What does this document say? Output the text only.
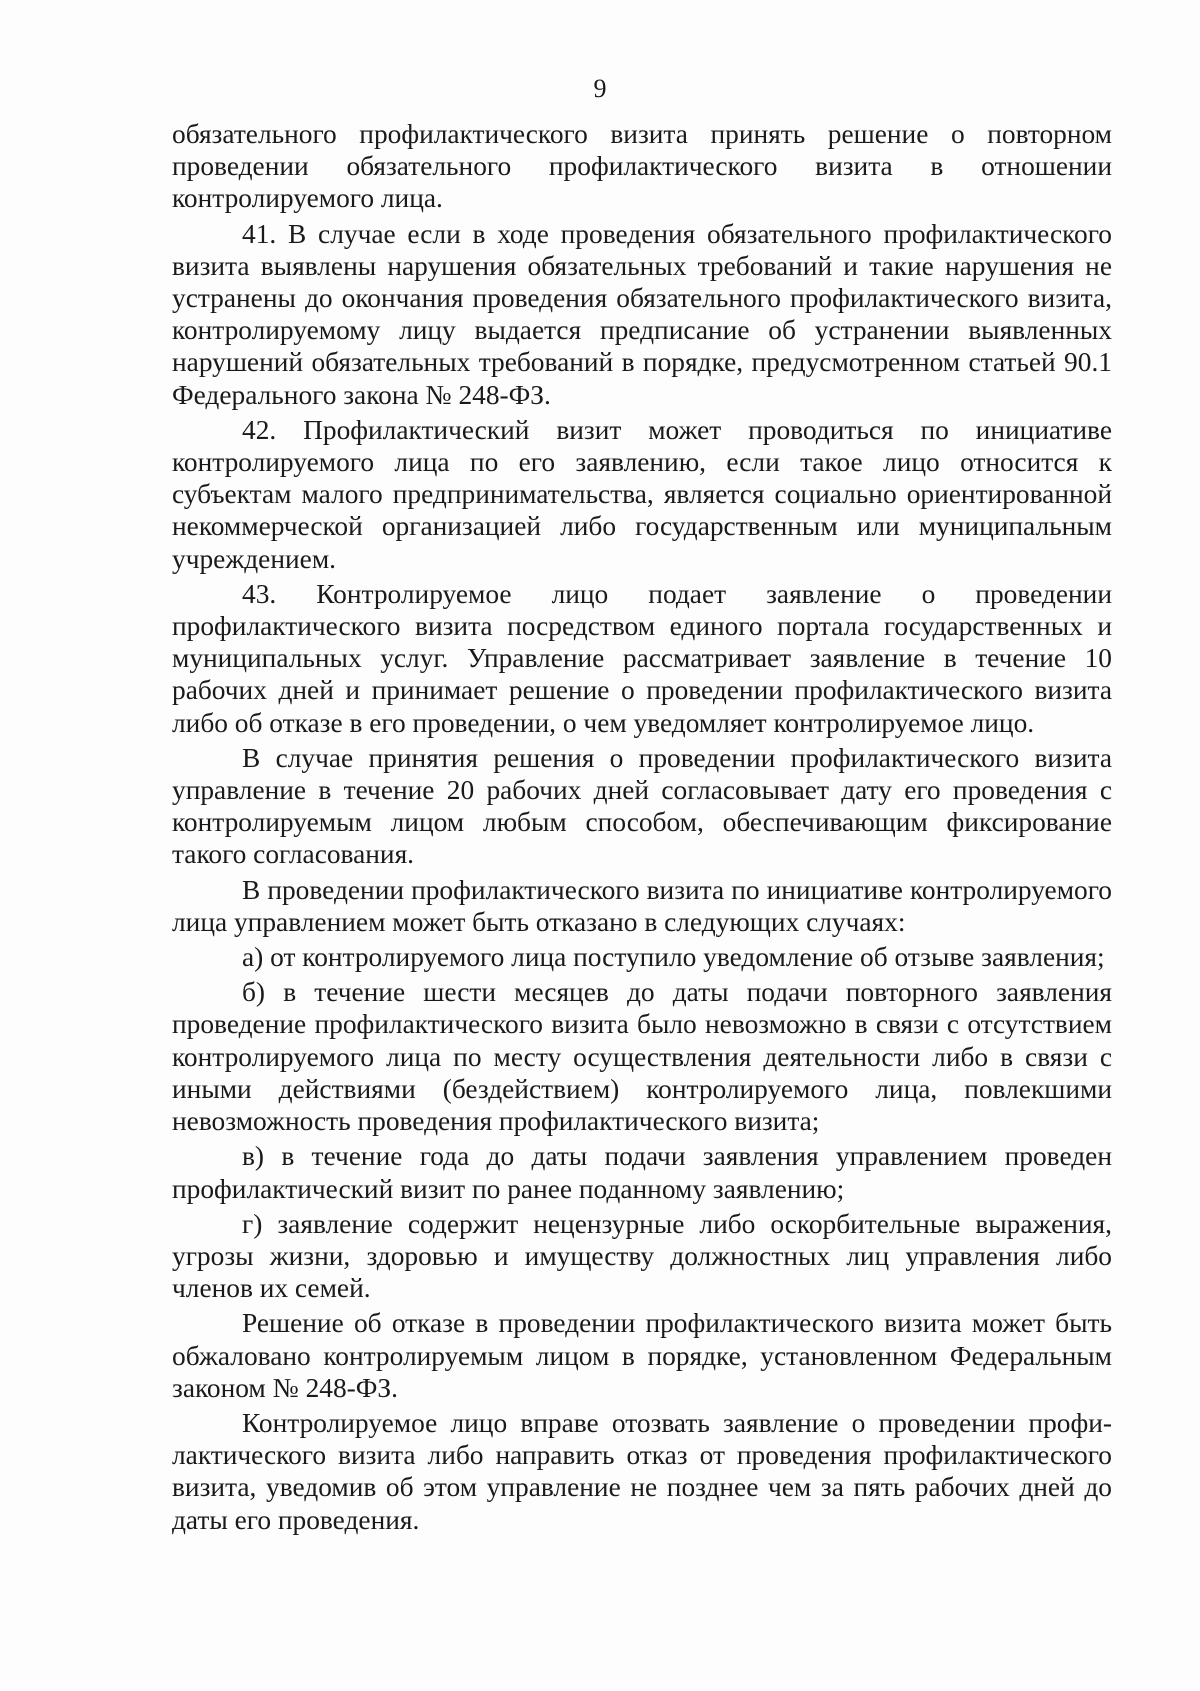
9

обязательного профилактического визита принять решение о повторном проведении обязательного профилактического визита в отношении контролируемого лица.

41. В случае если в ходе проведения обязательного профилактического визита выявлены нарушения обязательных требований и такие нарушения не устранены до окончания проведения обязательного профилактического визита, контролируемому лицу выдается предписание об устранении выявленных нарушений обязательных требований в порядке, предусмотренном статьей 90.1 Федерального закона № 248-ФЗ.

42. Профилактический визит может проводиться по инициативе контролируемого лица по его заявлению, если такое лицо относится к субъектам малого предпринимательства, является социально ориентированной некоммерческой организацией либо государственным или муниципальным учреждением.

43. Контролируемое лицо подает заявление о проведении профилактического визита посредством единого портала государственных и муниципальных услуг. Управление рассматривает заявление в течение 10 рабочих дней и принимает решение о проведении профилактического визита либо об отказе в его проведении, о чем уведомляет контролируемое лицо.

В случае принятия решения о проведении профилактического визита управление в течение 20 рабочих дней согласовывает дату его проведения с контролируемым лицом любым способом, обеспечивающим фиксирование такого согласования.

В проведении профилактического визита по инициативе контролируемого лица управлением может быть отказано в следующих случаях:

а) от контролируемого лица поступило уведомление об отзыве заявления;

б) в течение шести месяцев до даты подачи повторного заявления проведение профилактического визита было невозможно в связи с отсутствием контролируемого лица по месту осуществления деятельности либо в связи с иными действиями (бездействием) контролируемого лица, повлекшими невозможность проведения профилактического визита;

в) в течение года до даты подачи заявления управлением проведен профилактический визит по ранее поданному заявлению;

г) заявление содержит нецензурные либо оскорбительные выражения, угрозы жизни, здоровью и имуществу должностных лиц управления либо членов их семей.

Решение об отказе в проведении профилактического визита может быть обжаловано контролируемым лицом в порядке, установленном Федеральным законом № 248-ФЗ.

Контролируемое лицо вправе отозвать заявление о проведении профилактического визита либо направить отказ от проведения профилактического визита, уведомив об этом управление не позднее чем за пять рабочих дней до даты его проведения.
